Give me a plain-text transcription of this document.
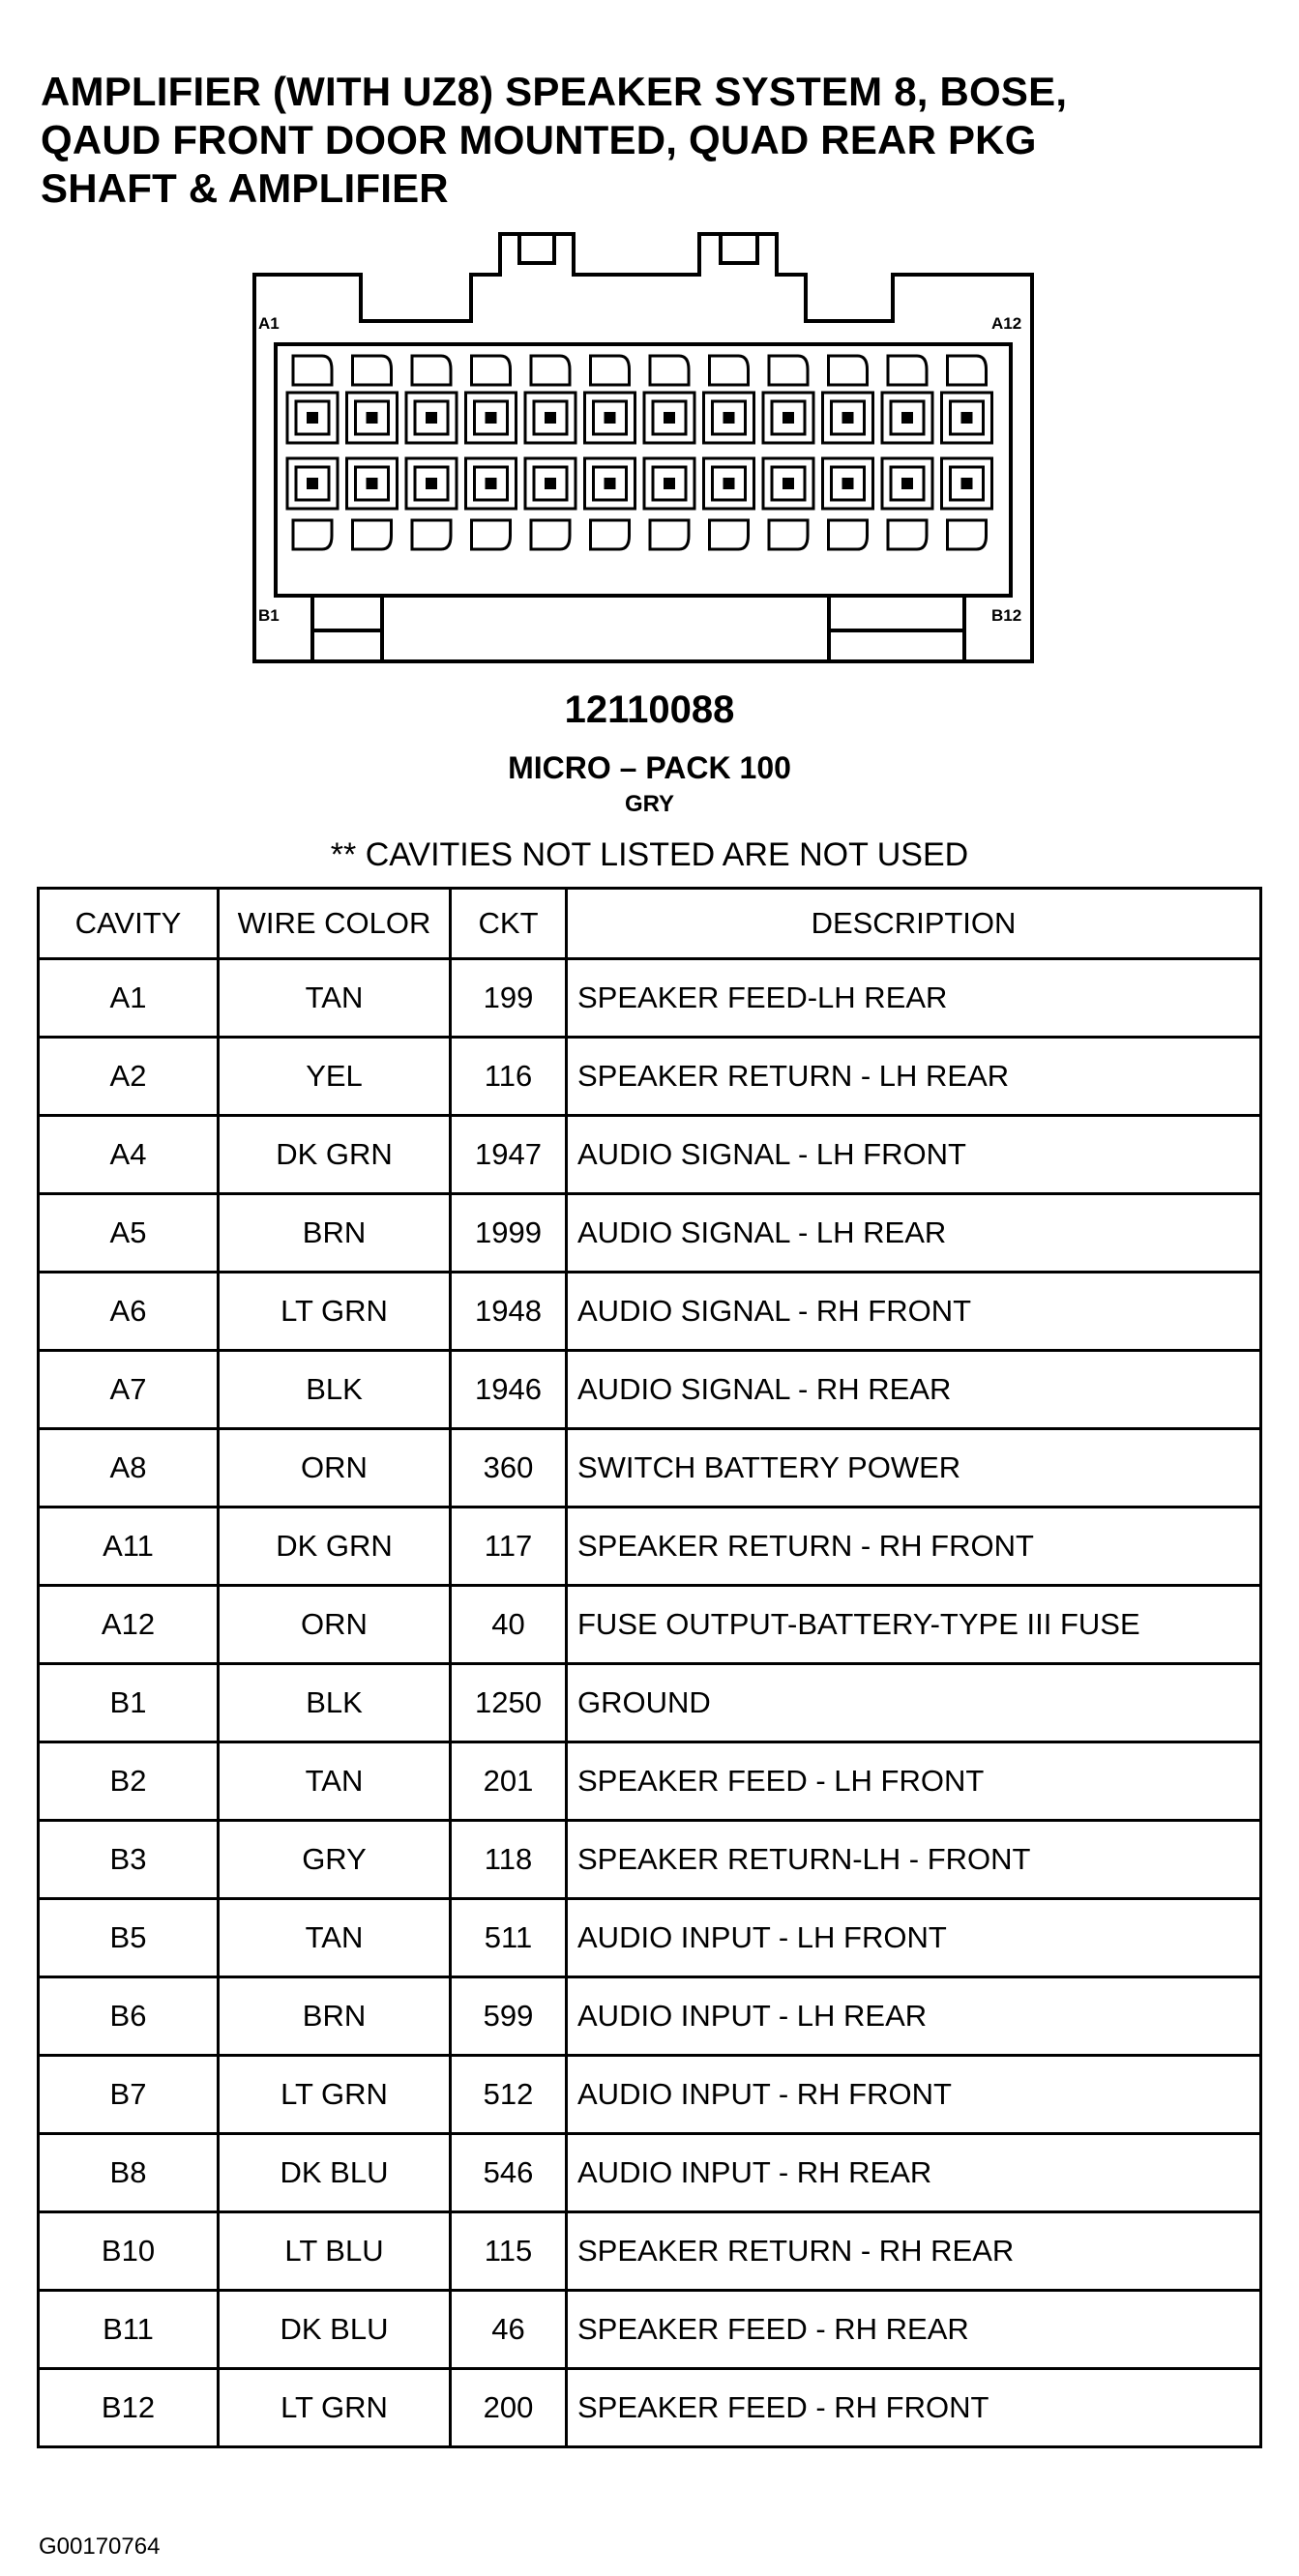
AMPLIFIER (WITH UZ8) SPEAKER SYSTEM 8, BOSE,
QAUD FRONT DOOR MOUNTED, QUAD REAR PKG
SHAFT & AMPLIFIER
A1	A12
B1	B12
12110088
MICRO – PACK 100
GRY
** CAVITIES NOT LISTED ARE NOT USED
CAVITY	WIRE COLOR	CKT	DESCRIPTION
A1	TAN	199	SPEAKER FEED-LH REAR
A2	YEL	116	SPEAKER RETURN - LH REAR
A4	DK GRN	1947	AUDIO SIGNAL - LH FRONT
A5	BRN	1999	AUDIO SIGNAL - LH REAR
A6	LT GRN	1948	AUDIO SIGNAL - RH FRONT
A7	BLK	1946	AUDIO SIGNAL - RH REAR
A8	ORN	360	SWITCH BATTERY POWER
A11	DK GRN	117	SPEAKER RETURN - RH FRONT
A12	ORN	40	FUSE OUTPUT-BATTERY-TYPE III FUSE
B1	BLK	1250	GROUND
B2	TAN	201	SPEAKER FEED - LH FRONT
B3	GRY	118	SPEAKER RETURN-LH - FRONT
B5	TAN	511	AUDIO INPUT - LH FRONT
B6	BRN	599	AUDIO INPUT - LH REAR
B7	LT GRN	512	AUDIO INPUT - RH FRONT
B8	DK BLU	546	AUDIO INPUT - RH REAR
B10	LT BLU	115	SPEAKER RETURN - RH REAR
B11	DK BLU	46	SPEAKER FEED - RH REAR
B12	LT GRN	200	SPEAKER FEED - RH FRONT
G00170764
